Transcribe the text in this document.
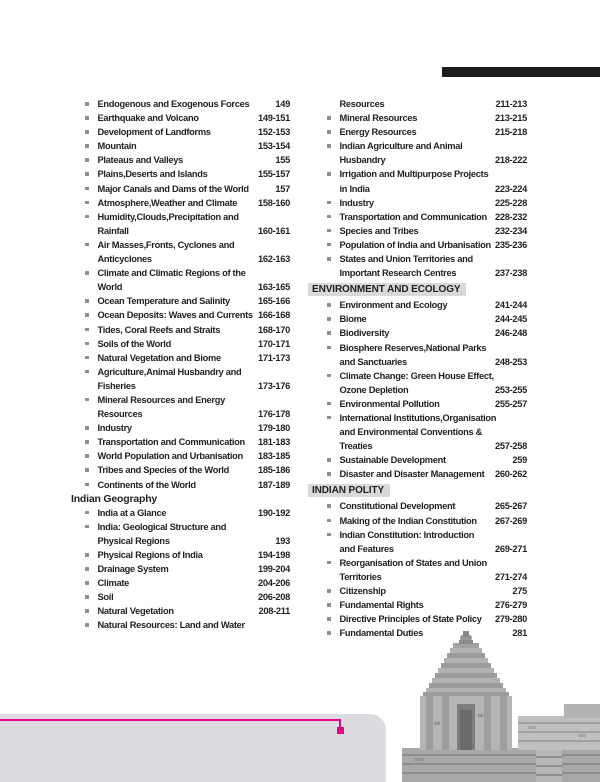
Endogenous and Exogenous Forces	149
Earthquake and Volcano	149-151
Development of Landforms	152-153
Mountain	153-154
Plateaus and Valleys	155
Plains,Deserts and Islands	155-157
Major Canals and Dams of the World	157
Atmosphere,Weather and Climate	158-160
Humidity,Clouds,Precipitation and
Rainfall	160-161
Air Masses,Fronts, Cyclones and
Anticyclones	162-163
Climate and Climatic Regions of the
World	163-165
Ocean Temperature and Salinity	165-166
Ocean Deposits: Waves and Currents 166-168
Tides, Coral Reefs and Straits	168-170
Soils of the World	170-171
Natural Vegetation and Biome	171-173
Agriculture,Animal Husbandry and
Fisheries	173-176
Mineral Resources and Energy
Resources	176-178
Industry	179-180
Transportation and Communication	181-183
World Population and Urbanisation	183-185
Tribes and Species of the World	185-186
Continents of the World	187-189
Indian Geography
India at a Glance	190-192
India: Geological Structure and
Physical Regions	193
Physical Regions of India	194-198
Drainage System	199-204
Climate	204-206
Soil	206-208
Natural Vegetation	208-211
Natural Resources: Land and Water
Resources	211-213
Mineral Resources	213-215
Energy Resources	215-218
Indian Agriculture and Animal
Husbandry	218-222
Irrigation and Multipurpose Projects
in India	223-224
Industry	225-228
Transportation and Communication 228-232
Species and Tribes	232-234
Population of India and Urbanisation 235-236
States and Union Territories and
Important Research Centres	237-238
ENVIRONMENT AND ECOLOGY
Environment and Ecology	241-244
Biome	244-245
Biodiversity	246-248
Biosphere Reserves,National Parks
and Sanctuaries	248-253
Climate Change: Green House Effect,
Ozone Depletion	253-255
Environmental Pollution	255-257
International Institutions,Organisation
and Environmental Conventions &
Treaties	257-258
Sustainable Development	259
Disaster and Disaster Management	260-262
INDIAN POLITY
Constitutional Development	265-267
Making of the Indian Constitution	267-269
Indian Constitution: Introduction
and Features	269-271
Reorganisation of States and Union
Territories	271-274
Citizenship	275
Fundamental Rights	276-279
Directive Principles of State Policy	279-280
Fundamental Duties	281
